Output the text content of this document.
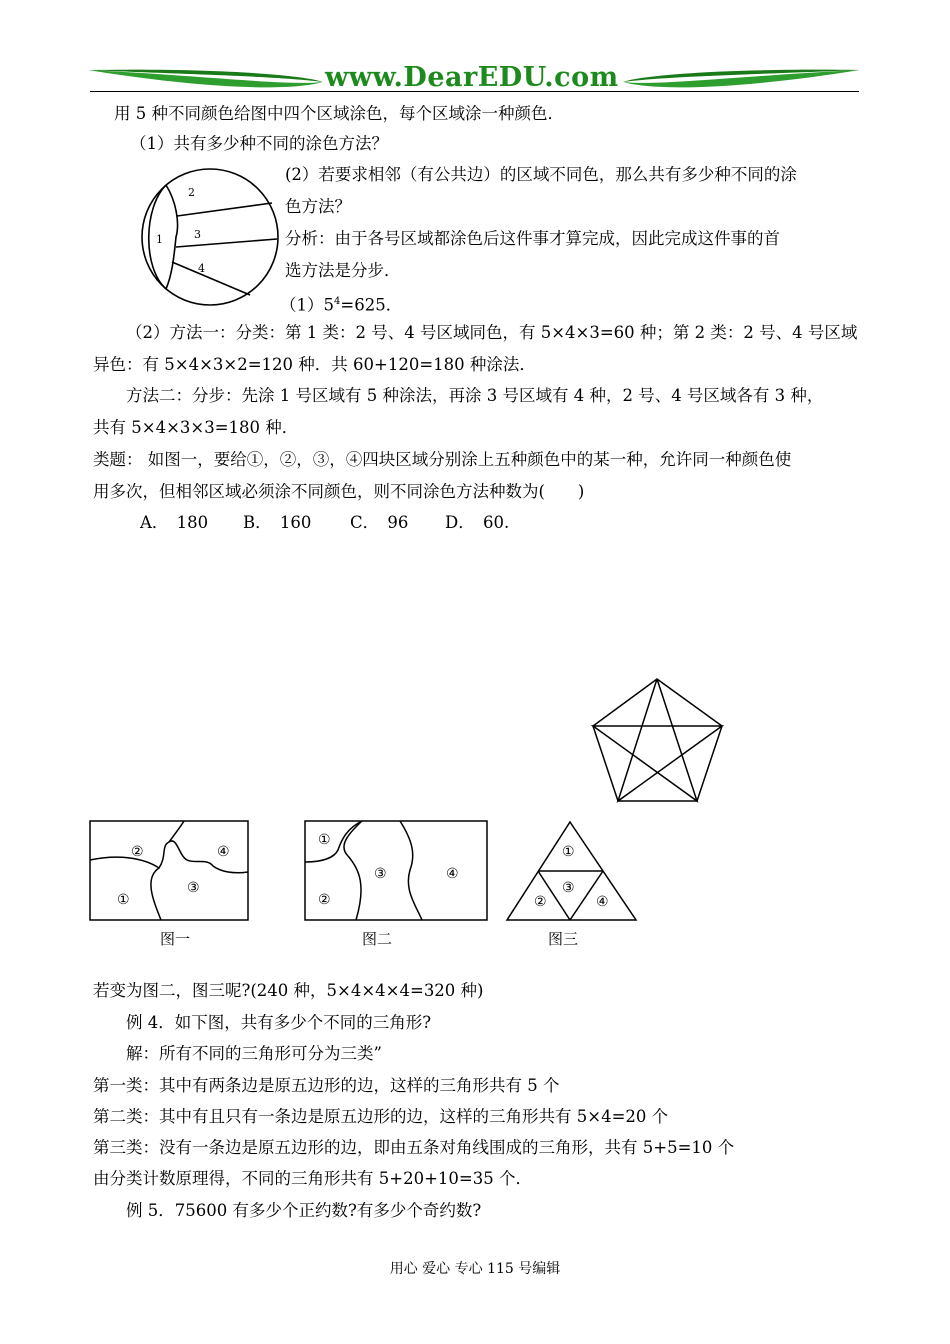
www.DearEDU.com
用 5 种不同颜色给图中四个区域涂色，每个区域涂一种颜色．
（1）共有多少种不同的涂色方法？
1
2
3
4
(2）若要求相邻（有公共边）的区域不同色，那么共有多少种不同的涂
色方法？
分析：由于各号区域都涂色后这件事才算完成，因此完成这件事的首
选方法是分步．
$(1)5^4=625$．
（2）方法一：分类：第 1 类：2 号、4 号区域同色，有 5×4×3=60 种；第 2 类：2 号、4 号区域
异色：有 5×4×3×2=120 种．共 60+120=180 种涂法．
方法二：分步：先涂 1 号区域有 5 种涂法，再涂 3 号区域有 4 种，2 号、4 号区域各有 3 种，
共有 5×4×3×3=180 种．
类题： 如图一，要给①，②，③，④四块区域分别涂上五种颜色中的某一种，允许同一种颜色使
用多次，但相邻区域必须涂不同颜色，则不同涂色方法种数为(　　)
A．　180 B．　160 C．　96 D．　60.
②	④
①
③
图一
①
②
③	④
图二
①
③
②	④
图三
若变为图二，图三呢?(240 种，5×4×4×4=320 种)
例 4．如下图，共有多少个不同的三角形?
解：所有不同的三角形可分为三类”
第一类：其中有两条边是原五边形的边，这样的三角形共有 5 个
第二类：其中有且只有一条边是原五边形的边，这样的三角形共有 5×4=20 个
第三类：没有一条边是原五边形的边，即由五条对角线围成的三角形，共有 5+5=10 个
由分类计数原理得，不同的三角形共有 5+20+10=35 个．
例 5．75600 有多少个正约数?有多少个奇约数?
用心 爱心 专心 115 号编辑
